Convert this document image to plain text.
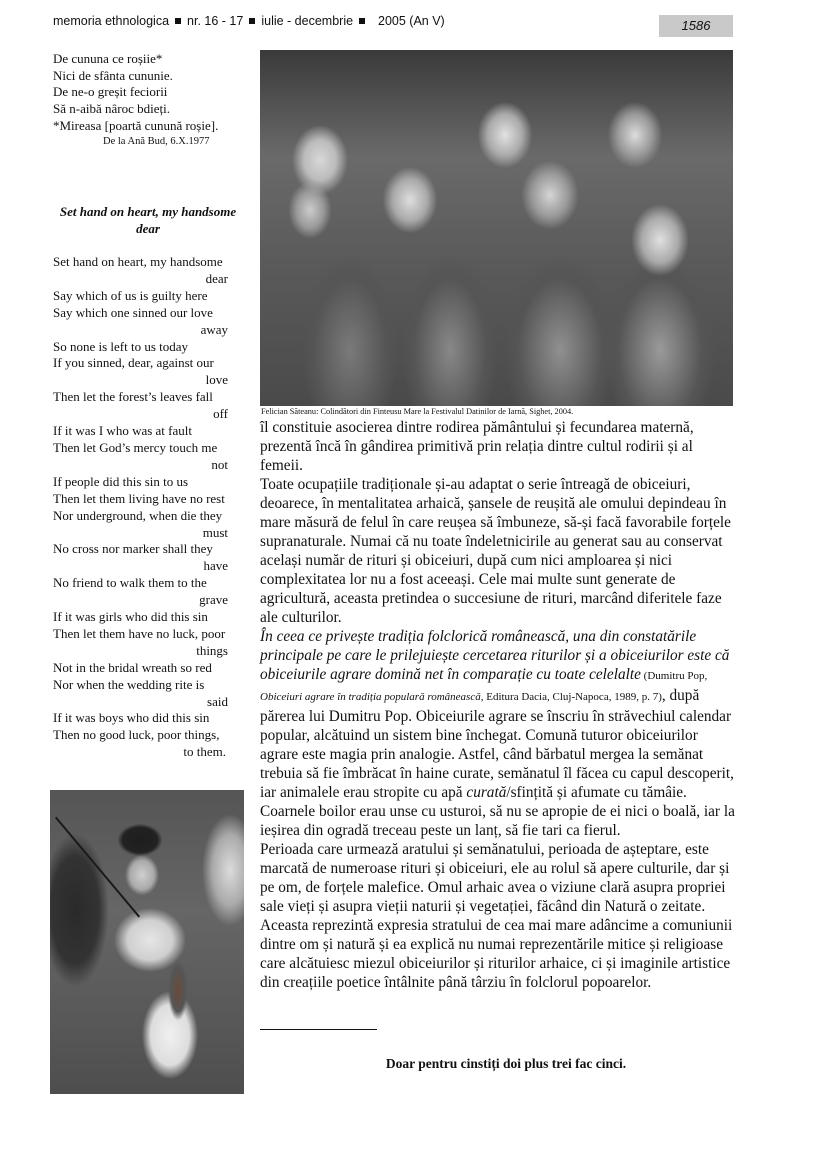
memoria ethnologica nr. 16 - 17 iulie - decembrie 2005 (An V)	1586
De cununa ce roșiie*
Nici de sfânta cununie.
De ne-o greșit feciorii
Să n-aibă nâroc bdieți.
*Mireasa [poartă cunună roșie].
De la Ană Bud, 6.X.1977
Set hand on heart, my handsome dear
Set hand on heart, my handsome
dear
Say which of us is guilty here
Say which one sinned our love
away
So none is left to us today
If you sinned, dear, against our
love
Then let the forest’s leaves fall
off
If it was I who was at fault
Then let God’s mercy touch me
not
If people did this sin to us
Then let them living have no rest
Nor underground, when die they
must
No cross nor marker shall they
have
No friend to walk them to the
grave
If it was girls who did this sin
Then let them have no luck, poor
things
Not in the bridal wreath so red
Nor when the wedding rite is
said
If it was boys who did this sin
Then no good luck, poor things,
to them.
Felician Săteanu: Colindători din Finteusu Mare la Festivalul Datinilor de Iarnă, Sighet, 2004.

îl constituie asocierea dintre rodirea pământului și fecundarea maternă, prezentă încă în gândirea primitivă prin relația dintre cultul rodirii și al femeii.

Toate ocupațiile tradiționale și-au adaptat o serie întreagă de obiceiuri, deoarece, în mentalitatea arhaică, șansele de reușită ale omului depindeau în mare măsură de felul în care reușea să îmbuneze, să-și facă favorabile forțele supranaturale. Numai că nu toate îndeletnicirile au generat sau au conservat același număr de rituri și obiceiuri, după cum nici amploarea și nici complexitatea lor nu a fost aceeași. Cele mai multe sunt generate de agricultură, aceasta pretindea o succesiune de rituri, marcând diferitele faze ale culturilor.

În ceea ce privește tradiția folclorică românească, una din constatările principale pe care le prilejuiește cercetarea riturilor și a obiceiurilor este că obiceiurile agrare domină net în comparație cu toate celelalte (Dumitru Pop, Obiceiuri agrare în tradiția populară românească, Editura Dacia, Cluj-Napoca, 1989, p. 7), după părerea lui Dumitru Pop. Obiceiurile agrare se înscriu în străvechiul calendar popular, alcătuind un sistem bine închegat. Comună tuturor obiceiurilor agrare este magia prin analogie. Astfel, când bărbatul mergea la semănat trebuia să fie îmbrăcat în haine curate, semănatul îl făcea cu capul descoperit, iar animalele erau stropite cu apă curată/sfințită și afumate cu tămâie. Coarnele boilor erau unse cu usturoi, să nu se apropie de ei nici o boală, iar la ieșirea din ogradă treceau peste un lanț, să fie tari ca fierul.

Perioada care urmează aratului și semănatului, perioada de așteptare, este marcată de numeroase rituri și obiceiuri, ele au rolul să apere culturile, dar și pe om, de forțele malefice. Omul arhaic avea o viziune clară asupra propriei sale vieți și asupra vieții naturii și vegetației, făcând din Natură o zeitate. Aceasta reprezintă expresia stratului de cea mai mare adâncime a comuniunii dintre om și natură și ea explică nu numai reprezentările mitice și religioase care alcătuiesc miezul obiceiurilor și riturilor arhaice, ci și imaginile artistice din creațiile poetice întâlnite până târziu în folclorul popoarelor.

Doar pentru cinstiți doi plus trei fac cinci.
